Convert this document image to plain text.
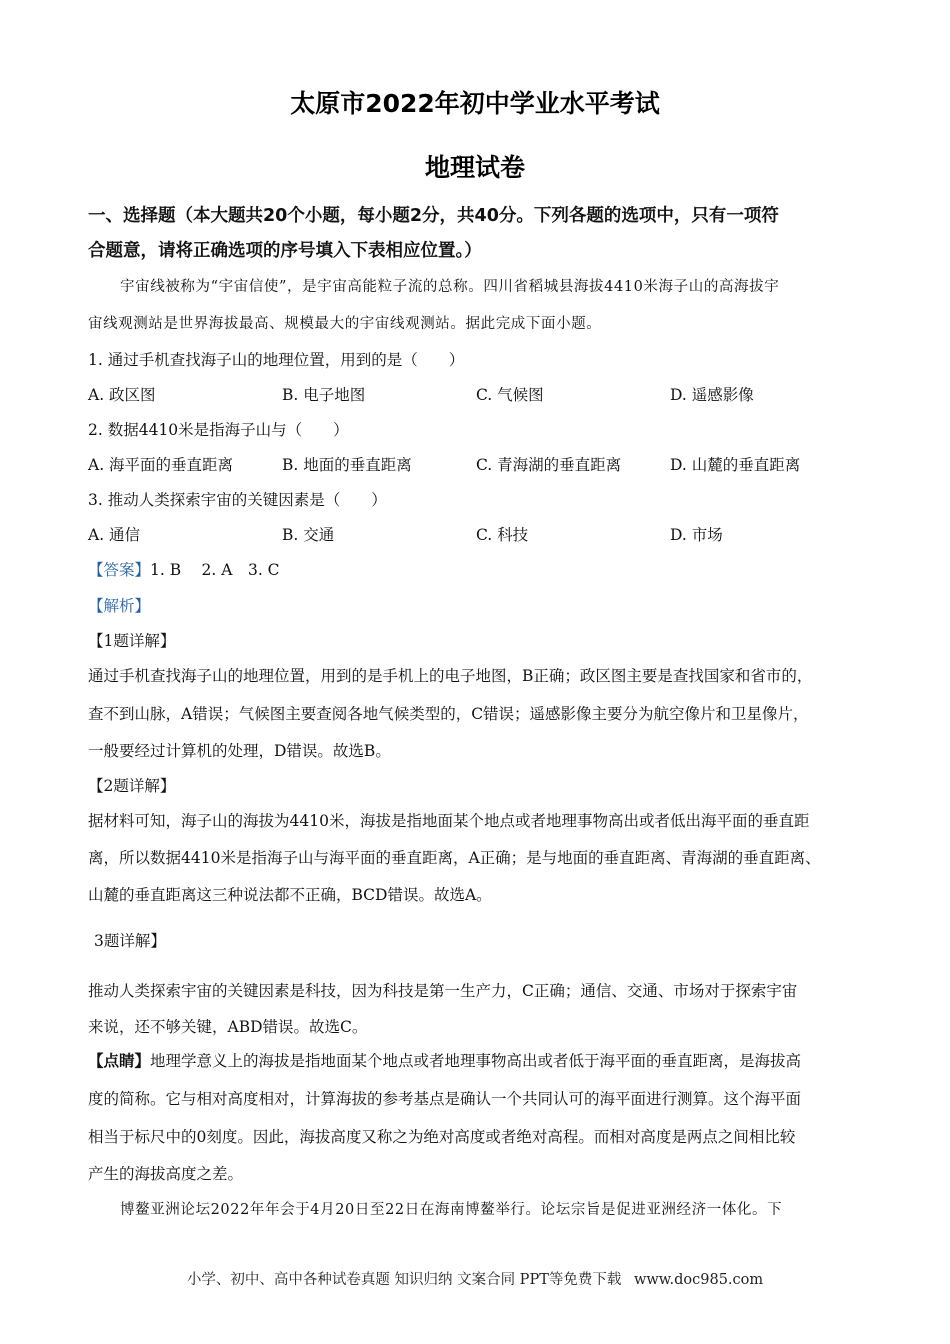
太原市2022年初中学业水平考试
地理试卷
一、选择题（本大题共20个小题，每小题2分，共40分。下列各题的选项中，只有一项符
合题意，请将正确选项的序号填入下表相应位置。）
宇宙线被称为“宇宙信使”，是宇宙高能粒子流的总称。四川省稻城县海拔4410米海子山的高海拔宇
宙线观测站是世界海拔最高、规模最大的宇宙线观测站。据此完成下面小题。
1. 通过手机查找海子山的地理位置，用到的是（　　）
A. 政区图	B. 电子地图	C. 气候图	D. 遥感影像
2. 数据4410米是指海子山与（　　）
A. 海平面的垂直距离	B. 地面的垂直距离	C. 青海湖的垂直距离	D. 山麓的垂直距离
3. 推动人类探索宇宙的关键因素是（　　）
A. 通信	B. 交通	C. 科技	D. 市场
【答案】1. B　 2. A　3. C
【解析】
【1题详解】
通过手机查找海子山的地理位置，用到的是手机上的电子地图，B正确；政区图主要是查找国家和省市的，
查不到山脉，A错误；气候图主要查阅各地气候类型的，C错误；遥感影像主要分为航空像片和卫星像片，
一般要经过计算机的处理，D错误。故选B。
【2题详解】
据材料可知，海子山的海拔为4410米，海拔是指地面某个地点或者地理事物高出或者低出海平面的垂直距
离，所以数据4410米是指海子山与海平面的垂直距离，A正确；是与地面的垂直距离、青海湖的垂直距离、
山麓的垂直距离这三种说法都不正确，BCD错误。故选A。
3题详解】
推动人类探索宇宙的关键因素是科技，因为科技是第一生产力，C正确；通信、交通、市场对于探索宇宙
来说，还不够关键，ABD错误。故选C。
【点睛】地理学意义上的海拔是指地面某个地点或者地理事物高出或者低于海平面的垂直距离，是海拔高
度的简称。它与相对高度相对，计算海拔的参考基点是确认一个共同认可的海平面进行测算。这个海平面
相当于标尺中的0刻度。因此，海拔高度又称之为绝对高度或者绝对高程。而相对高度是两点之间相比较
产生的海拔高度之差。
博鳌亚洲论坛2022年年会于4月20日至22日在海南博鳌举行。论坛宗旨是促进亚洲经济一体化。下
小学、初中、高中各种试卷真题 知识归纳 文案合同 PPT等免费下载 www.doc985.com
